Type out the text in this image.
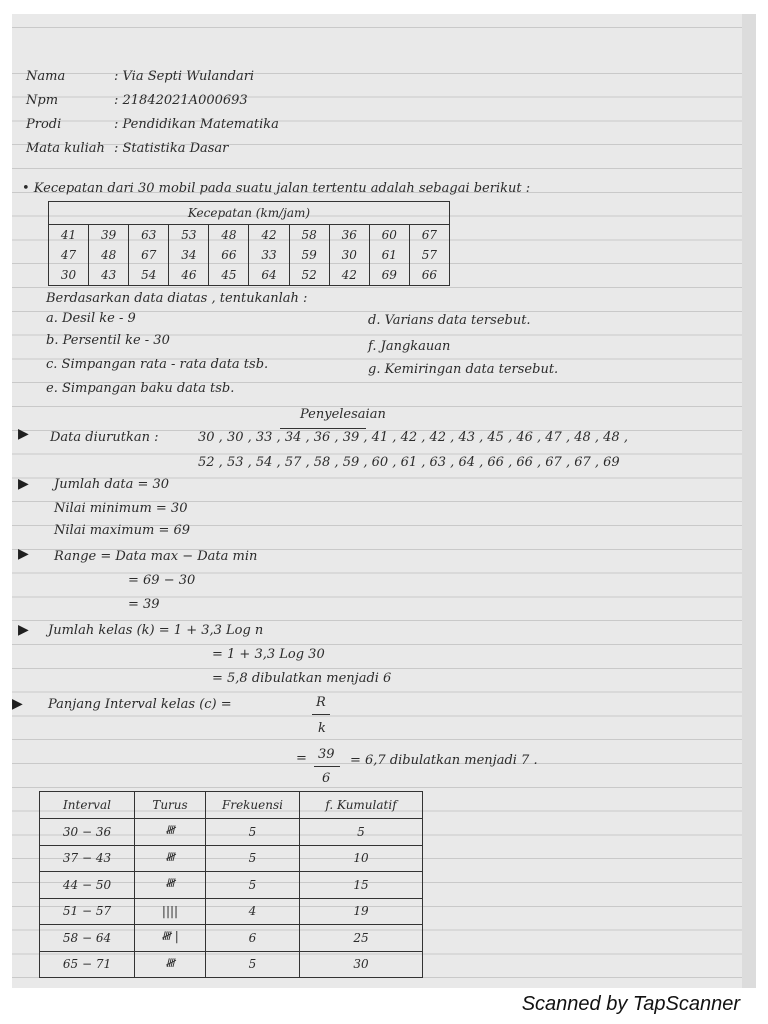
Nama	: Via Septi Wulandari
Npm	: 21842021A000693
Prodi	: Pendidikan Matematika
Mata kuliah : Statistika Dasar
• Kecepatan dari 30 mobil pada suatu jalan tertentu adalah sebagai berikut :
Kecepatan (km/jam)									
41	39	63	53	48	42	58	36	60	67
47	48	67	34	66	33	59	30	61	57
30	43	54	46	45	64	52	42	69	66
Berdasarkan data diatas , tentukanlah :
a. Desil ke - 9	d. Varians data tersebut.
b. Persentil ke - 30	f. Jangkauan
c. Simpangan rata - rata data tsb.	g. Kemiringan data tersebut.
e. Simpangan baku data tsb.
Penyelesaian
▶ Data diurutkan :	30 , 30 , 33 , 34 , 36 , 39 , 41 , 42 , 42 , 43 , 45 , 46 , 47 , 48 , 48 ,
52 , 53 , 54 , 57 , 58 , 59 , 60 , 61 , 63 , 64 , 66 , 66 , 67 , 67 , 69
▶ Jumlah data = 30
Nilai minimum = 30
Nilai maximum = 69
▶ Range = Data max − Data min
= 69 − 30
= 39
▶ Jumlah kelas (k) = 1 + 3,3 Log n
= 1 + 3,3 Log 30
= 5,8 dibulatkan menjadi 6
▶ Panjang Interval kelas (c) =	R
k
= 39
6
= 6,7 dibulatkan menjadi 7 .
Interval	Turus	Frekuensi	f. Kumulatif
30 − 36	𝍸	5	5
37 − 43	𝍸	5	10
44 − 50	𝍸	5	15
51 − 57	||||	4	19
58 − 64	𝍸 |	6	25
65 − 71	𝍸	5	30
Scanned by TapScanner
